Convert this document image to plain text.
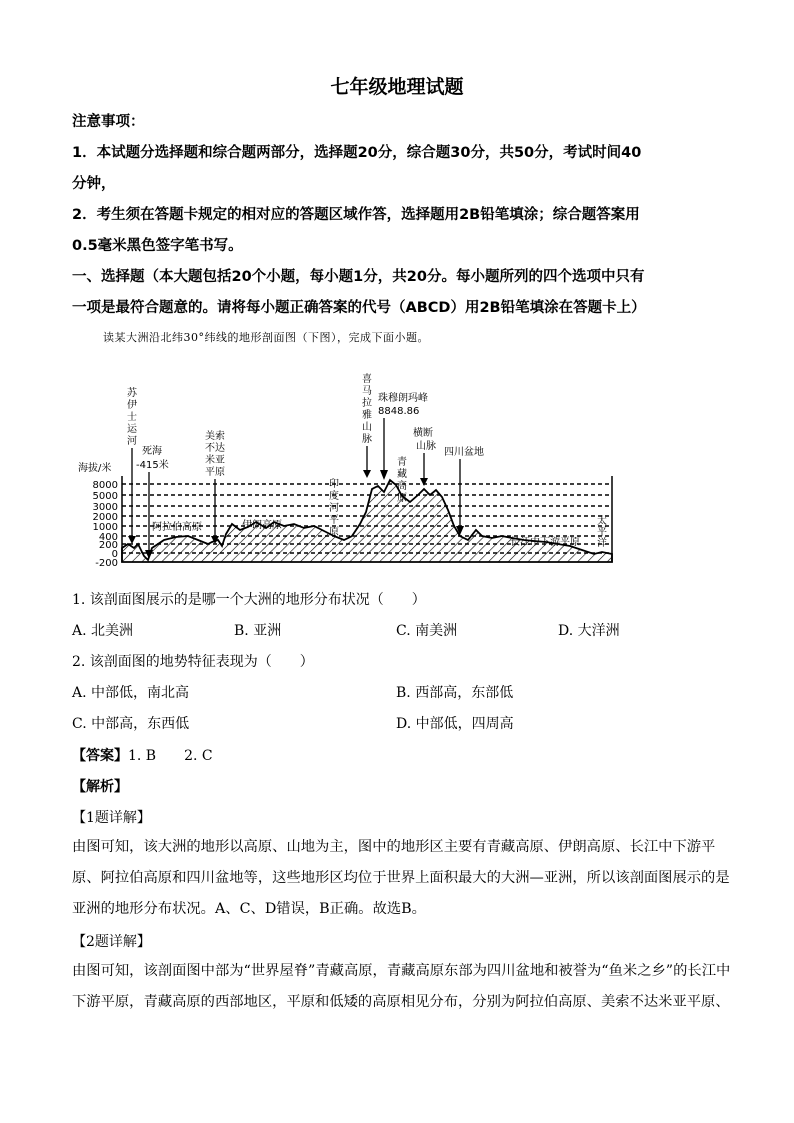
七年级地理试题
注意事项：
1．本试题分选择题和综合题两部分，选择题20分，综合题30分，共50分，考试时间40
分钟，
2．考生须在答题卡规定的相对应的答题区域作答，选择题用2B铅笔填涂；综合题答案用
0.5毫米黑色签字笔书写。
一、选择题（本大题包括20个小题，每小题1分，共20分。每小题所列的四个选项中只有
一项是最符合题意的。请将每小题正确答案的代号（ABCD）用2B铅笔填涂在答题卡上）
读某大洲沿北纬30°纬线的地形剖面图（下图），完成下面小题。
8000
5000
3000
2000
1000
400
200
0
-200
海拔/米
苏
伊
士
运
河
死海
-415米
阿拉伯高原
美索
不达
米亚
平原
伊朗高原
印
度
河
平
原
喜
马
拉
雅
山
脉
珠穆朗玛峰
8848.86
青
藏
高
原
横断
山脉
四川盆地
长江中下游平原
太
平
洋
1. 该剖面图展示的是哪一个大洲的地形分布状况（　　）
A. 北美洲	B. 亚洲	C. 南美洲	D. 大洋洲
2. 该剖面图的地势特征表现为（　　）
A. 中部低，南北高	B. 西部高，东部低
C. 中部高，东西低	D. 中部低，四周高
【答案】1. B　　2. C
【解析】
【1题详解】
由图可知，该大洲的地形以高原、山地为主，图中的地形区主要有青藏高原、伊朗高原、长江中下游平
原、阿拉伯高原和四川盆地等，这些地形区均位于世界上面积最大的大洲—亚洲，所以该剖面图展示的是
亚洲的地形分布状况。A、C、D错误，B正确。故选B。
【2题详解】
由图可知，该剖面图中部为“世界屋脊”青藏高原，青藏高原东部为四川盆地和被誉为“鱼米之乡”的长江中
下游平原，青藏高原的西部地区，平原和低矮的高原相见分布，分别为阿拉伯高原、美索不达米亚平原、
